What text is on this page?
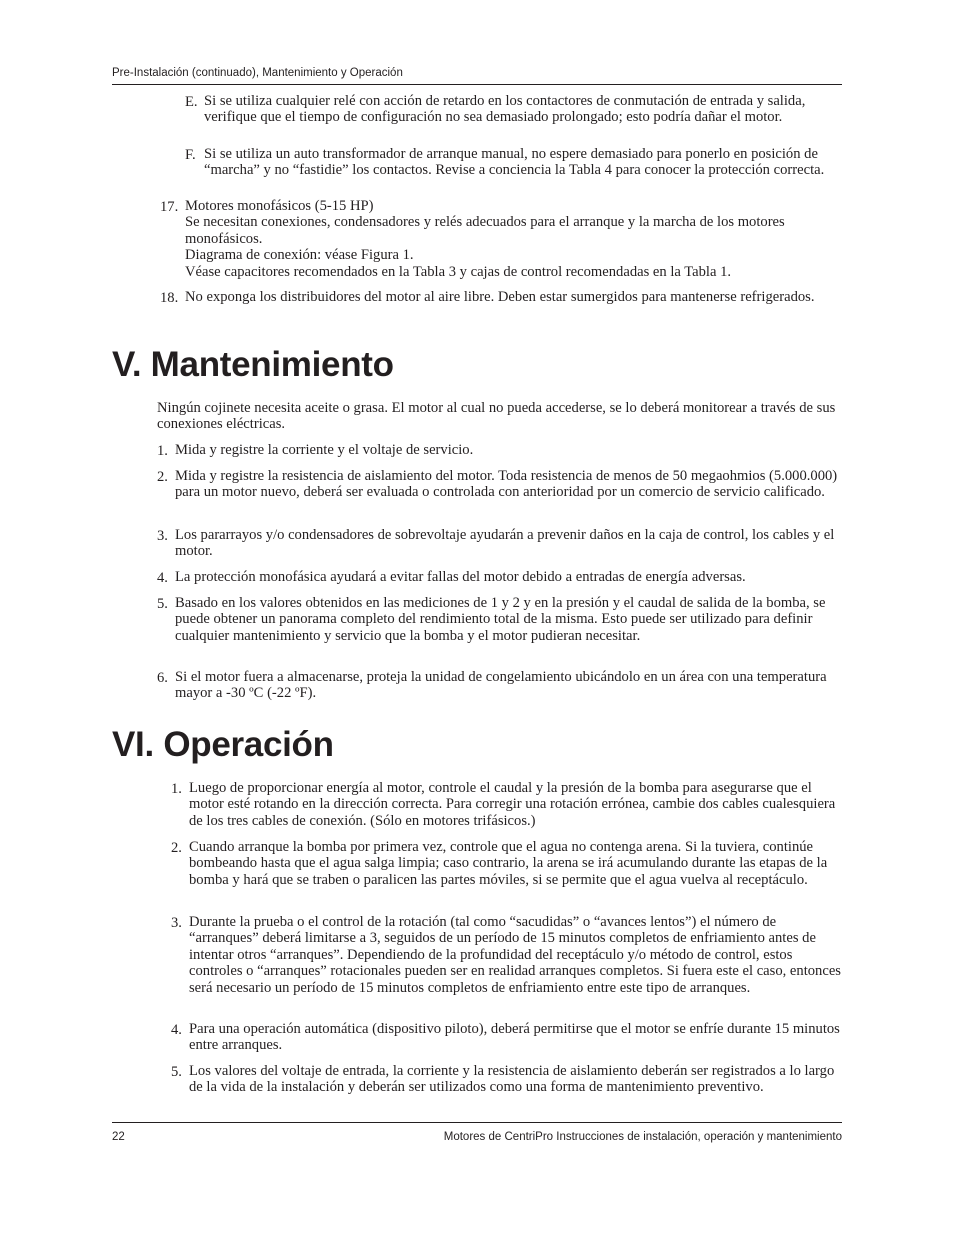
Pre-Instalación (continuado), Mantenimiento y Operación
E. Si se utiliza cualquier relé con acción de retardo en los contactores de conmutación de entrada y salida, verifique que el tiempo de configuración no sea demasiado prolongado; esto podría dañar el motor.
F. Si se utiliza un auto transformador de arranque manual, no espere demasiado para ponerlo en posición de “marcha” y no “fastidie” los contactos. Revise a conciencia la Tabla 4 para conocer la protección correcta.
17. Motores monofásicos (5-15 HP)
Se necesitan conexiones, condensadores y relés adecuados para el arranque y la marcha de los motores monofásicos.
Diagrama de conexión: véase Figura 1.
Véase capacitores recomendados en la Tabla 3 y cajas de control recomendadas en la Tabla 1.
18. No exponga los distribuidores del motor al aire libre. Deben estar sumergidos para mantenerse refrigerados.
V. Mantenimiento
Ningún cojinete necesita aceite o grasa. El motor al cual no pueda accederse, se lo deberá monitorear a través de sus conexiones eléctricas.
1. Mida y registre la corriente y el voltaje de servicio.
2. Mida y registre la resistencia de aislamiento del motor. Toda resistencia de menos de 50 megaohmios (5.000.000) para un motor nuevo, deberá ser evaluada o controlada con anterioridad por un comercio de servicio calificado.
3. Los pararrayos y/o condensadores de sobrevoltaje ayudarán a prevenir daños en la caja de control, los cables y el motor.
4. La protección monofásica ayudará a evitar fallas del motor debido a entradas de energía adversas.
5. Basado en los valores obtenidos en las mediciones de 1 y 2 y en la presión y el caudal de salida de la bomba, se puede obtener un panorama completo del rendimiento total de la misma. Esto puede ser utilizado para definir cualquier mantenimiento y servicio que la bomba y el motor pudieran necesitar.
6. Si el motor fuera a almacenarse, proteja la unidad de congelamiento ubicándolo en un área con una temperatura mayor a -30 ºC (-22 ºF).
VI. Operación
1. Luego de proporcionar energía al motor, controle el caudal y la presión de la bomba para asegurarse que el motor esté rotando en la dirección correcta. Para corregir una rotación errónea, cambie dos cables cualesquiera de los tres cables de conexión. (Sólo en motores trifásicos.)
2. Cuando arranque la bomba por primera vez, controle que el agua no contenga arena. Si la tuviera, continúe bombeando hasta que el agua salga limpia; caso contrario, la arena se irá acumulando durante las etapas de la bomba y hará que se traben o paralicen las partes móviles, si se permite que el agua vuelva al receptáculo.
3. Durante la prueba o el control de la rotación (tal como “sacudidas” o “avances lentos”) el número de “arranques” deberá limitarse a 3, seguidos de un período de 15 minutos completos de enfriamiento antes de intentar otros “arranques”. Dependiendo de la profundidad del receptáculo y/o método de control, estos controles o “arranques” rotacionales pueden ser en realidad arranques completos. Si fuera este el caso, entonces será necesario un período de 15 minutos completos de enfriamiento entre este tipo de arranques.
4. Para una operación automática (dispositivo piloto), deberá permitirse que el motor se enfríe durante 15 minutos entre arranques.
5. Los valores del voltaje de entrada, la corriente y la resistencia de aislamiento deberán ser registrados a lo largo de la vida de la instalación y deberán ser utilizados como una forma de mantenimiento preventivo.
22	Motores de CentriPro Instrucciones de instalación, operación y mantenimiento
